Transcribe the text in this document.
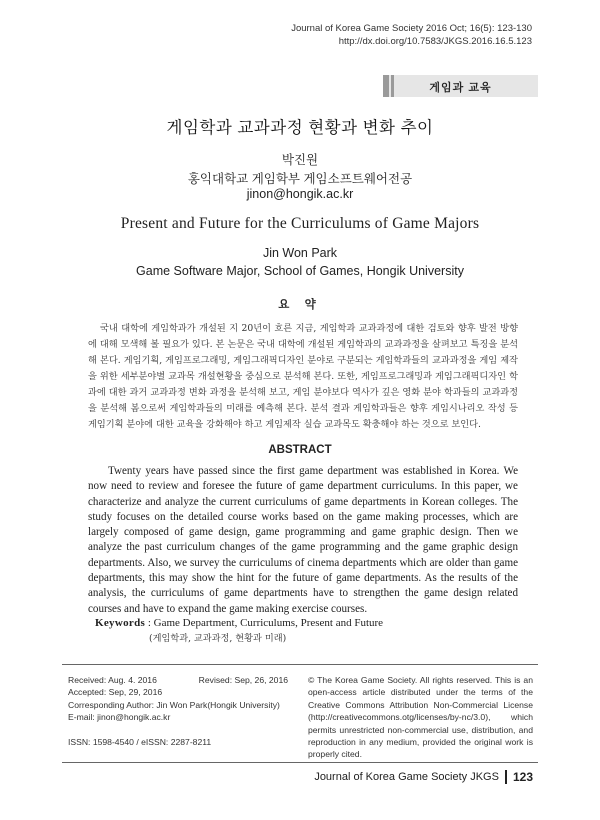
Journal of Korea Game Society 2016 Oct; 16(5): 123-130
http://dx.doi.org/10.7583/JKGS.2016.16.5.123
게임과 교육
게임학과 교과과정 현황과 변화 추이
박진원
홍익대학교 게임학부 게임소프트웨어전공
jinon@hongik.ac.kr
Present and Future for the Curriculums of Game Majors
Jin Won Park
Game Software Major, School of Games, Hongik University
요 약
국내 대학에 게임학과가 개설된 지 20년이 흐른 지금, 게임학과 교과과정에 대한 검토와 향후 발전 방향에 대해 모색해 볼 필요가 있다. 본 논문은 국내 대학에 개설된 게임학과의 교과과정을 살펴보고 특징을 분석해 본다. 게임기획, 게임프로그래밍, 게임그래픽디자인 분야로 구분되는 게임학과들의 교과과정을 게임 제작을 위한 세부분야별 교과목 개설현황을 중심으로 분석해 본다. 또한, 게임프로그래밍과 게임그래픽디자인 학과에 대한 과거 교과과정 변화 과정을 분석해 보고, 게임 분야보다 역사가 깊은 영화 분야 학과들의 교과과정을 분석해 봄으로써 게임학과들의 미래를 예측해 본다. 분석 결과 게임학과들은 향후 게임시나리오 작성 등 게임기획 분야에 대한 교육을 강화해야 하고 게임제작 실습 교과목도 확충해야 하는 것으로 보인다.
ABSTRACT
Twenty years have passed since the first game department was established in Korea. We now need to review and foresee the future of game department curriculums. In this paper, we characterize and analyze the current curriculums of game departments in Korean colleges. The study focuses on the detailed course works based on the game making processes, which are largely composed of game design, game programming and game graphic design. Then we analyze the past curriculum changes of the game programming and the game graphic design departments. Also, we survey the curriculums of cinema departments which are older than game departments, this may show the hint for the future of game departments. As the results of the analysis, the curriculums of game departments have to strengthen the game design related courses and have to expand the game making exercise courses.
Keywords : Game Department, Curriculums, Present and Future
(게임학과, 교과과정, 현황과 미래)
Received: Aug. 4. 2016	Revised: Sep, 26, 2016
Accepted: Sep, 29, 2016
Corresponding Author: Jin Won Park(Hongik University)
E-mail: jinon@hongik.ac.kr
ISSN: 1598-4540 / eISSN: 2287-8211
© The Korea Game Society. All rights reserved. This is an open-access article distributed under the terms of the Creative Commons Attribution Non-Commercial License (http://creativecommons.otg/licenses/by-nc/3.0), which permits unrestricted non-commercial use, distribution, and reproduction in any medium, provided the original work is properly cited.
Journal of Korea Game Society JKGS 123
